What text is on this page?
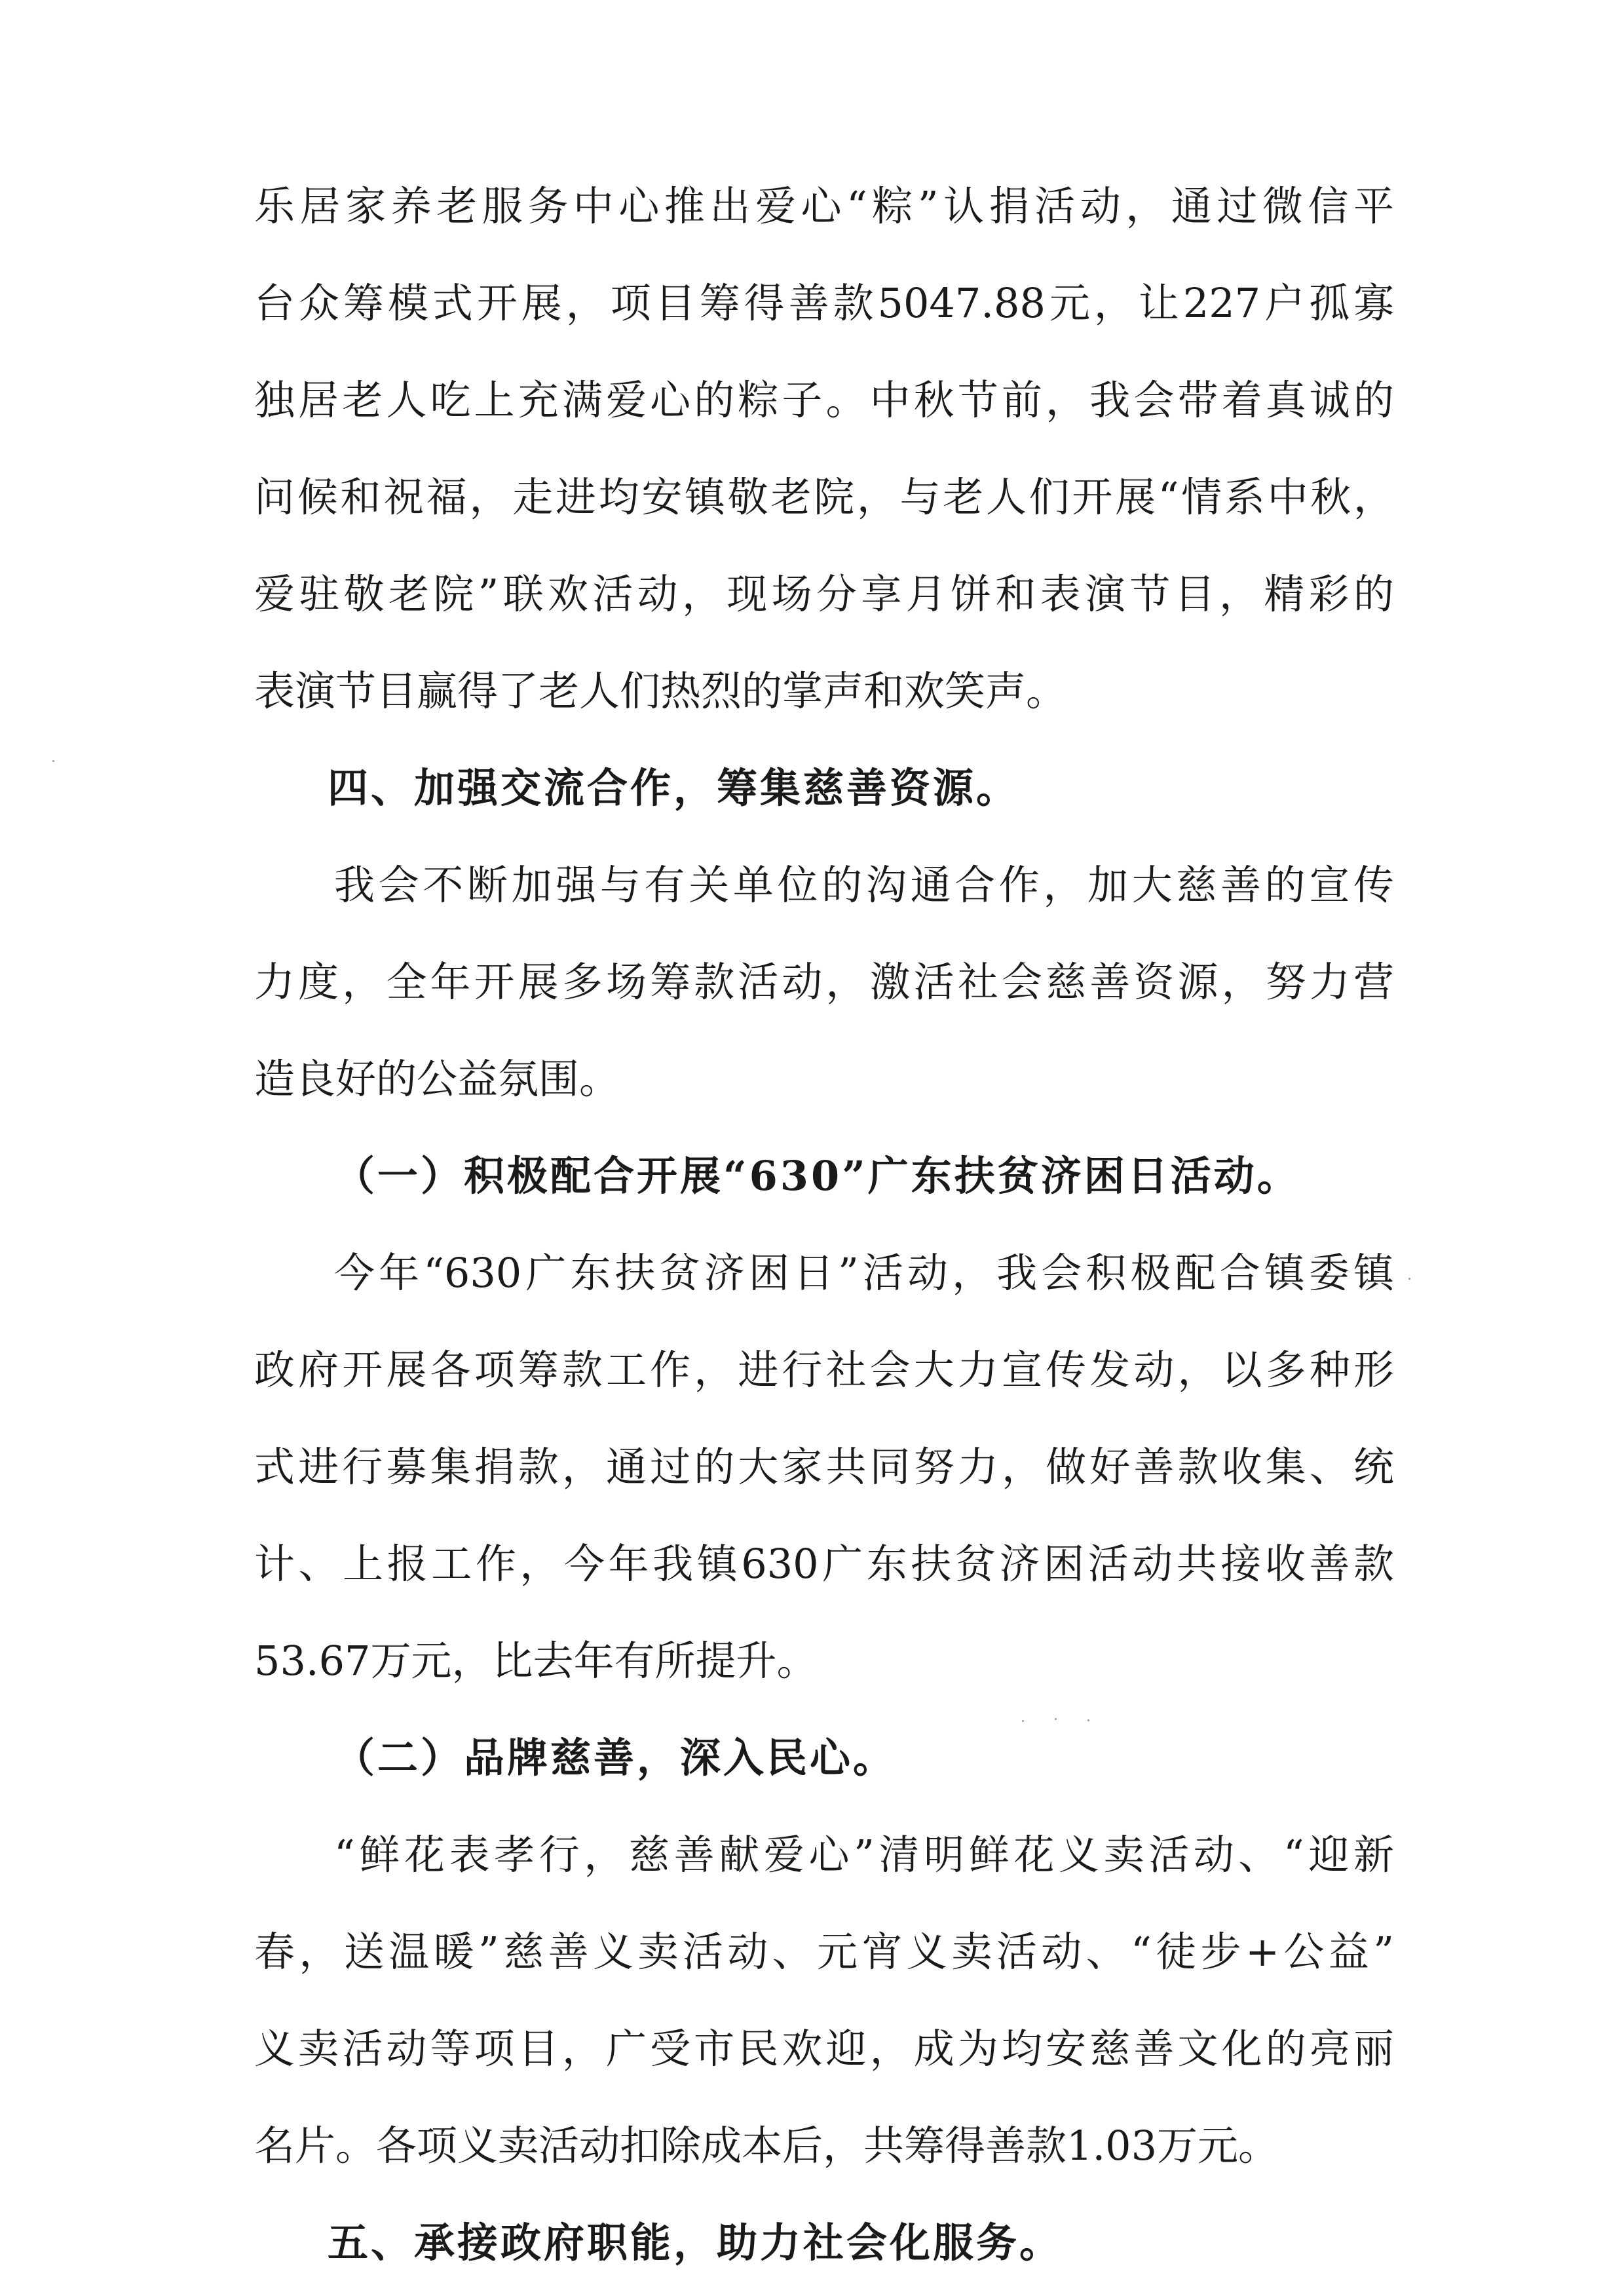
乐居家养老服务中心推出爱心“粽”认捐活动，通过微信平
台众筹模式开展，项目筹得善款5047.88元，让227户孤寡
独居老人吃上充满爱心的粽子。中秋节前，我会带着真诚的
问候和祝福，走进均安镇敬老院，与老人们开展“情系中秋，
爱驻敬老院”联欢活动，现场分享月饼和表演节目，精彩的
表演节目赢得了老人们热烈的掌声和欢笑声。
四、加强交流合作，筹集慈善资源。
我会不断加强与有关单位的沟通合作，加大慈善的宣传
力度，全年开展多场筹款活动，激活社会慈善资源，努力营
造良好的公益氛围。
（一）积极配合开展“630”广东扶贫济困日活动。
今年“630广东扶贫济困日”活动，我会积极配合镇委镇
政府开展各项筹款工作，进行社会大力宣传发动，以多种形
式进行募集捐款，通过的大家共同努力，做好善款收集、统
计、上报工作，今年我镇630广东扶贫济困活动共接收善款
53.67万元，比去年有所提升。
（二）品牌慈善，深入民心。
“鲜花表孝行，慈善献爱心”清明鲜花义卖活动、“迎新
春，送温暖”慈善义卖活动、元宵义卖活动、“徒步+公益”
义卖活动等项目，广受市民欢迎，成为均安慈善文化的亮丽
名片。各项义卖活动扣除成本后，共筹得善款1.03万元。
五、承接政府职能，助力社会化服务。
